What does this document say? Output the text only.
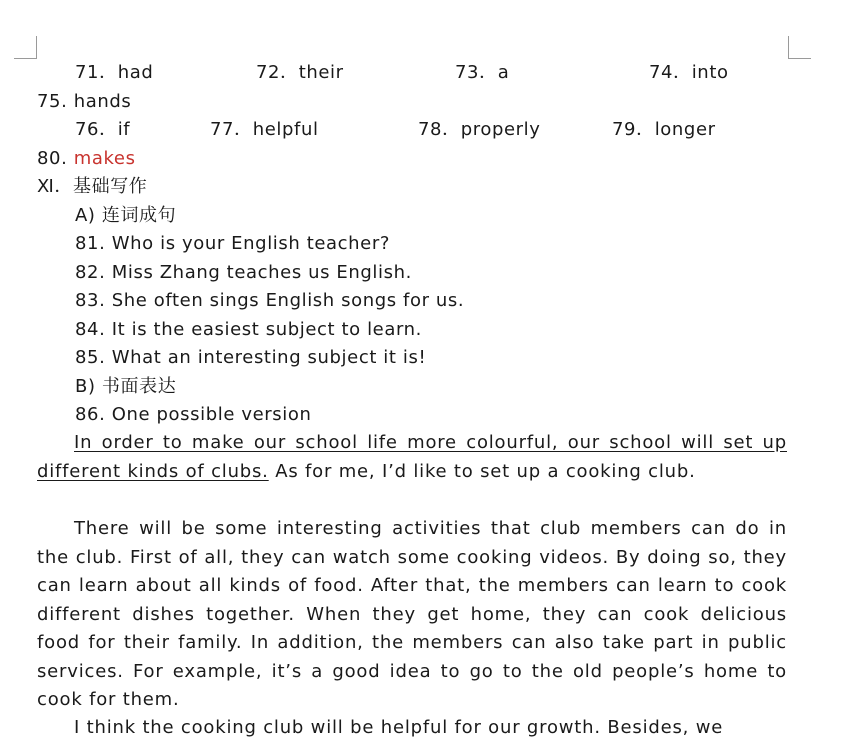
71．had	72．their	73．a	74．into
75. hands
76．if	77．helpful	78．properly	79．longer
80. makes
Ⅺ．基础写作
A) 连词成句
81. Who is your English teacher?
82. Miss Zhang teaches us English.
83. She often sings English songs for us.
84. It is the easiest subject to learn.
85. What an interesting subject it is!
B) 书面表达
86. One possible version

In order to make our school life more colourful, our school will set up different kinds of clubs. As for me, I’d like to set up a cooking club.

There will be some interesting activities that club members can do in the club. First of all, they can watch some cooking videos. By doing so, they can learn about all kinds of food. After that, the members can learn to cook different dishes together. When they get home, they can cook delicious food for their family. In addition, the members can also take part in public services. For example, it’s a good idea to go to the old people’s home to cook for them.

I think the cooking club will be helpful for our growth. Besides, we
